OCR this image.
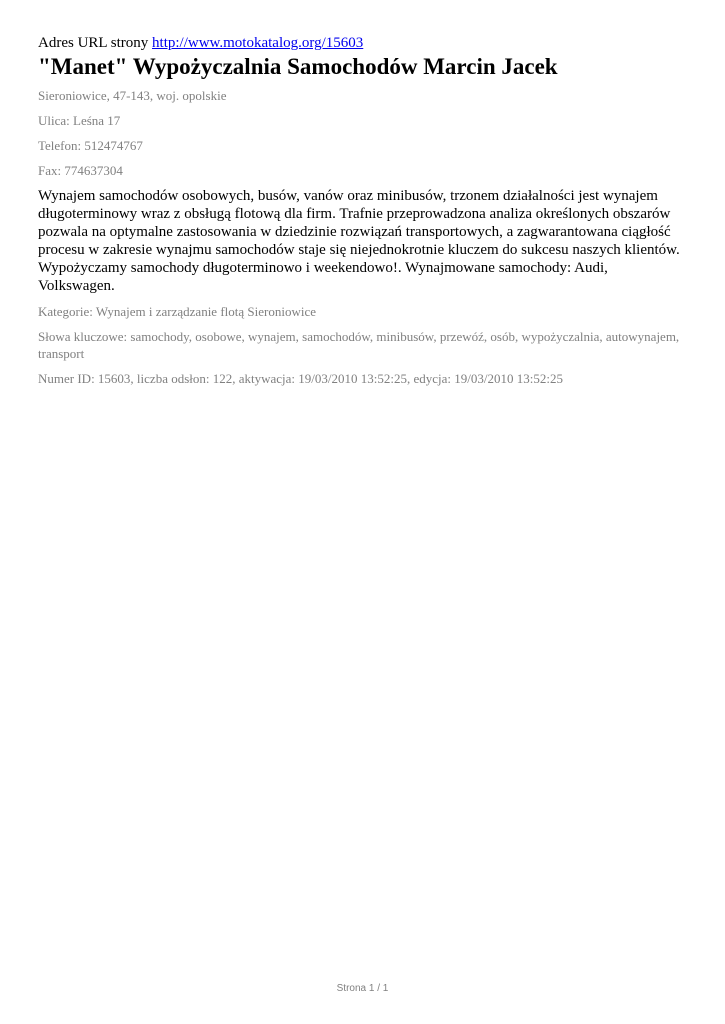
Adres URL strony http://www.motokatalog.org/15603
"Manet" Wypożyczalnia Samochodów Marcin Jacek
Sieroniowice, 47-143, woj. opolskie
Ulica: Leśna 17
Telefon: 512474767
Fax: 774637304
Wynajem samochodów osobowych, busów, vanów oraz minibusów, trzonem działalności jest wynajem długoterminowy wraz z obsługą flotową dla firm. Trafnie przeprowadzona analiza określonych obszarów pozwala na optymalne zastosowania w dziedzinie rozwiązań transportowych, a zagwarantowana ciągłość procesu w zakresie wynajmu samochodów staje się niejednokrotnie kluczem do sukcesu naszych klientów. Wypożyczamy samochody długoterminowo i weekendowo!. Wynajmowane samochody: Audi, Volkswagen.
Kategorie: Wynajem i zarządzanie flotą Sieroniowice
Słowa kluczowe: samochody, osobowe, wynajem, samochodów, minibusów, przewóź, osób, wypożyczalnia, autowynajem, transport
Numer ID: 15603, liczba odsłon: 122, aktywacja: 19/03/2010 13:52:25, edycja: 19/03/2010 13:52:25
Strona 1 / 1
